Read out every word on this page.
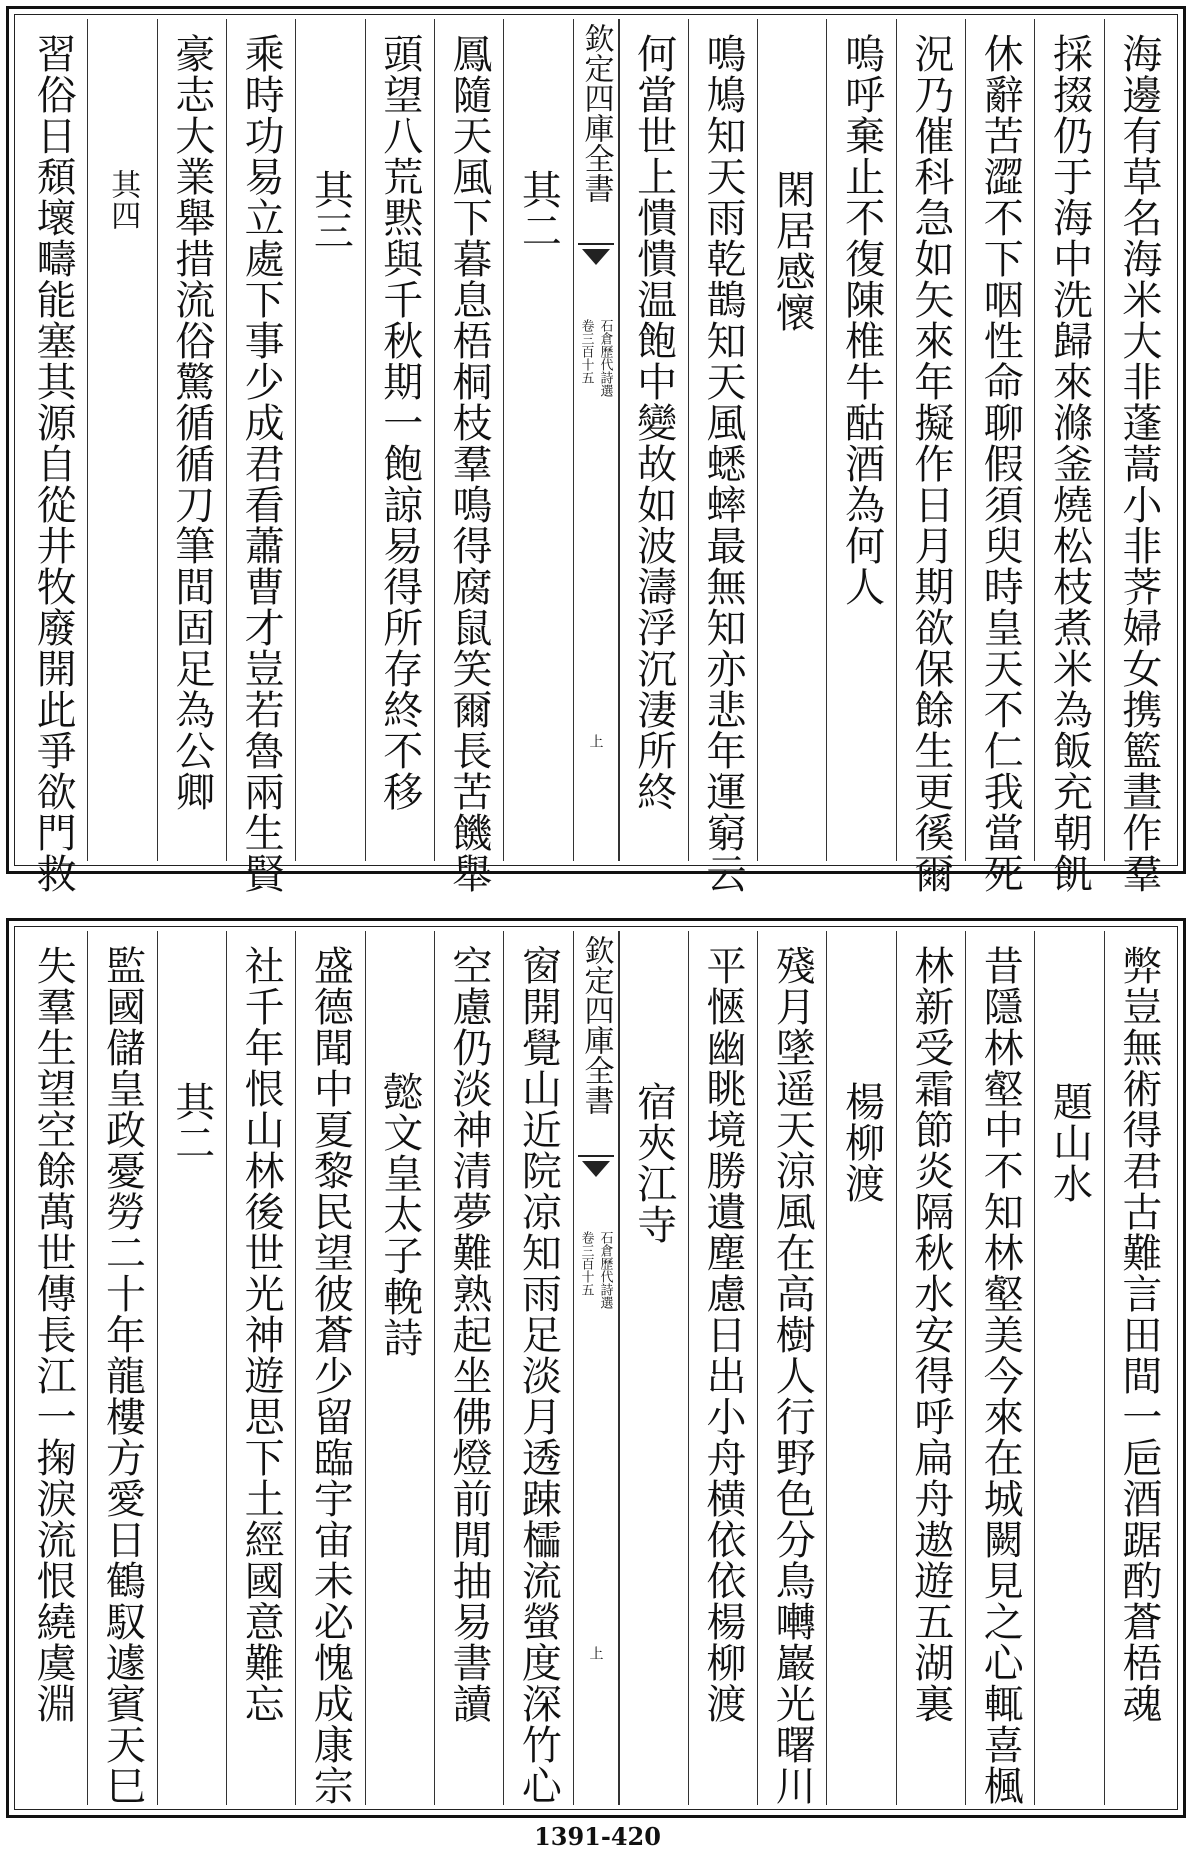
海邊有草名海米大非蓬蒿小非荠婦女携籃晝作羣
採掇仍于海中洗歸來滌釜燒松枝煮米為飯充朝飢
休辭苦澀不下咽性命聊假須臾時皇天不仁我當死
況乃催科急如矢來年擬作日月期欲保餘生更徯爾
嗚呼棄止不復陳椎牛酤酒為何人
閑居感懷
鳴鳩知天雨乾鵲知天風蟋蟀最無知亦悲年運窮云
何當世上憒憒温飽中變故如波濤浮沉淒所終
欽定四庫全書
石倉歷代詩選
卷三百十五
上
其二
鳳隨天風下暮息梧桐枝羣鳴得腐鼠笑爾長苦饑舉
頭望八荒黙與千秋期一飽諒易得所存終不移
其三
乘時功易立處下事少成君看蕭曹才豈若魯兩生賢
豪志大業舉措流俗驚循循刀筆間固足為公卿
其四
習俗日頹壞疇能塞其源自從井牧廢開此爭欲門救
弊豈無術得君古難言田間一巵酒踞酌蒼梧魂
題山水
昔隱林壑中不知林壑美今來在城闕見之心輒喜楓
林新受霜節炎隔秋水安得呼扁舟遨遊五湖裏
楊柳渡
殘月墜遥天涼風在高樹人行野色分鳥囀巖光曙川
平愜幽眺境勝遺塵慮日出小舟横依依楊柳渡
宿夾江寺
欽定四庫全書
石倉歷代詩選
卷三百十五
上
窗開覺山近院凉知雨足淡月透踈櫺流螢度深竹心
空慮仍淡神清夢難熟起坐佛燈前閒抽易書讀
懿文皇太子輓詩
盛德聞中夏黎民望彼蒼少留臨宇宙未必愧成康宗
社千年恨山林後世光神遊思下土經國意難忘
其二
監國儲皇政憂勞二十年龍樓方愛日鶴馭遽賓天巳
失羣生望空餘萬世傳長江一掬淚流恨繞虞淵
1391-420
